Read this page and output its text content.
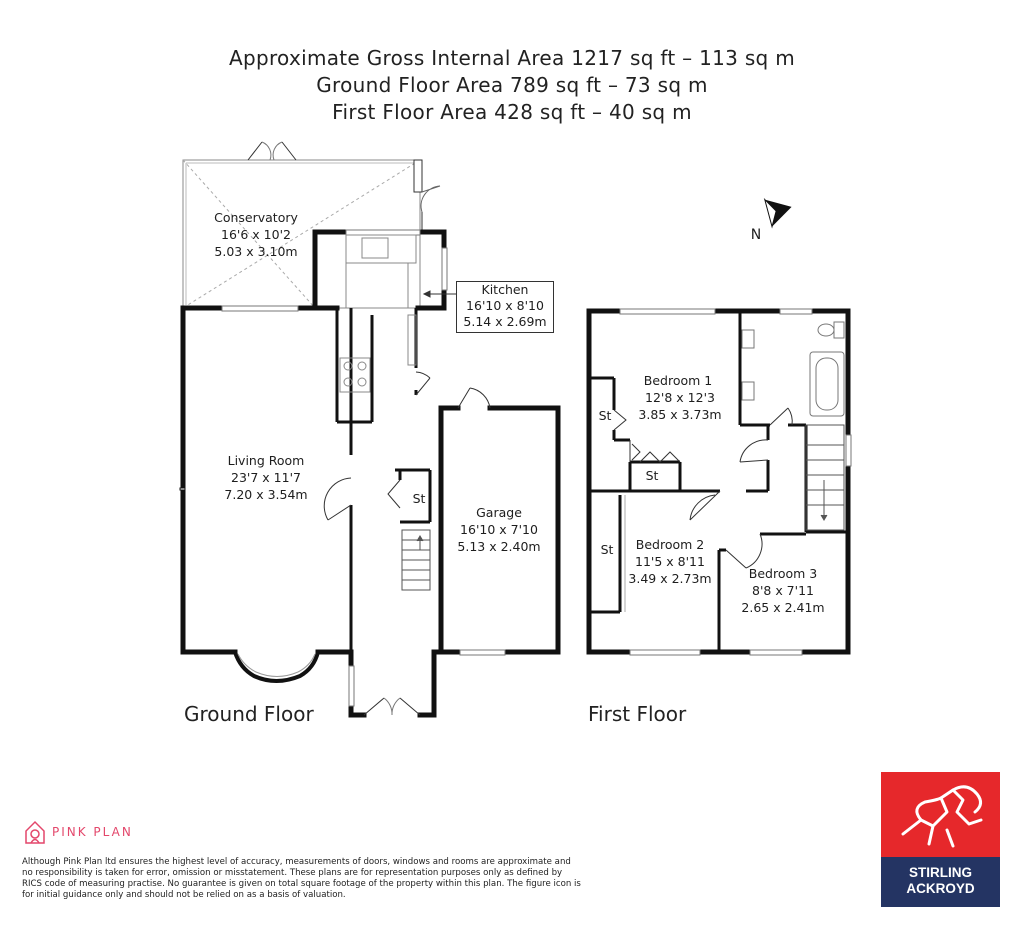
Approximate Gross Internal Area 1217 sq ft – 113 sq m
Ground Floor Area 789 sq ft – 73 sq m
First Floor Area 428 sq ft – 40 sq m
N
Conservatory
16'6 x 10'2
5.03 x 3.10m
Living Room
23'7 x 11'7
7.20 x 3.54m
Garage
16'10 x 7'10
5.13 x 2.40m
St
Ground Floor
Bedroom 1
12'8 x 12'3
3.85 x 3.73m
Bedroom 2
11'5 x 8'11
3.49 x 2.73m	Bedroom 3
8'8 x 7'11
2.65 x 2.41m
St
St
St
First Floor
Kitchen
16'10 x 8'10
5.14 x 2.69m
PINK PLAN
Although Pink Plan ltd ensures the highest level of accuracy, measurements of doors, windows and rooms are approximate and no responsibility is taken for error, omission or misstatement. These plans are for representation purposes only as defined by RICS code of measuring practise. No guarantee is given on total square footage of the property within this plan. The figure icon is for initial guidance only and should not be relied on as a basis of valuation.
STIRLING
ACKROYD
